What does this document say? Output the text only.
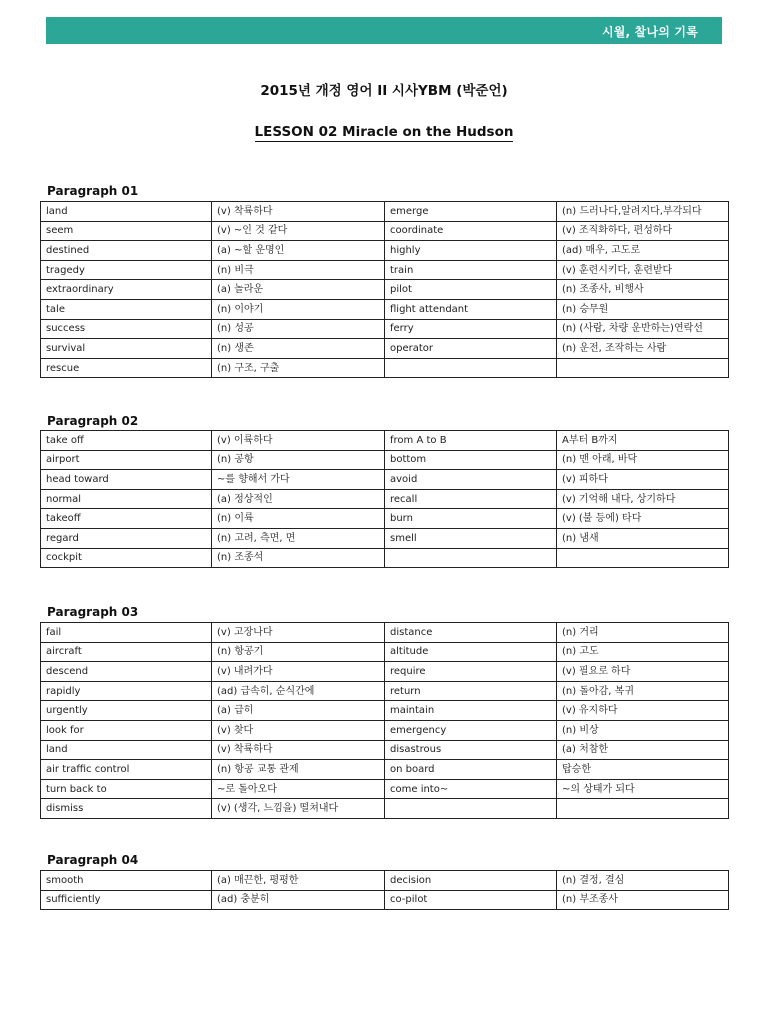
시월, 찰나의 기록
2015년 개정 영어 II 시사YBM (박준언)
LESSON 02 Miracle on the Hudson
Paragraph 01
land	(v) 착륙하다	emerge	(n) 드러나다,알려지다,부각되다
seem	(v) ~인 것 같다	coordinate	(v) 조직화하다, 편성하다
destined	(a) ~할 운명인	highly	(ad) 매우, 고도로
tragedy	(n) 비극	train	(v) 훈련시키다, 훈련받다
extraordinary	(a) 놀라운	pilot	(n) 조종사, 비행사
tale	(n) 이야기	flight attendant	(n) 승무원
success	(n) 성공	ferry	(n) (사람, 차량 운반하는)연락선
survival	(n) 생존	operator	(n) 운전, 조작하는 사람
rescue	(n) 구조, 구출		
Paragraph 02
take off	(v) 이륙하다	from A to B	A부터 B까지
airport	(n) 공항	bottom	(n) 맨 아래, 바닥
head toward	~를 향해서 가다	avoid	(v) 피하다
normal	(a) 정상적인	recall	(v) 기억해 내다, 상기하다
takeoff	(n) 이륙	burn	(v) (불 등에) 타다
regard	(n) 고려, 측면, 면	smell	(n) 냄새
cockpit	(n) 조종석		
Paragraph 03
fail	(v) 고장나다	distance	(n) 거리
aircraft	(n) 항공기	altitude	(n) 고도
descend	(v) 내려가다	require	(v) 필요로 하다
rapidly	(ad) 급속히, 순식간에	return	(n) 돌아감, 복귀
urgently	(a) 급히	maintain	(v) 유지하다
look for	(v) 찾다	emergency	(n) 비상
land	(v) 착륙하다	disastrous	(a) 처참한
air traffic control	(n) 항공 교통 관제	on board	탑승한
turn back to	~로 돌아오다	come into~	~의 상태가 되다
dismiss	(v) (생각, 느낌을) 떨쳐내다		
Paragraph 04
smooth	(a) 매끈한, 평평한	decision	(n) 결정, 결심
sufficiently	(ad) 충분히	co-pilot	(n) 부조종사
